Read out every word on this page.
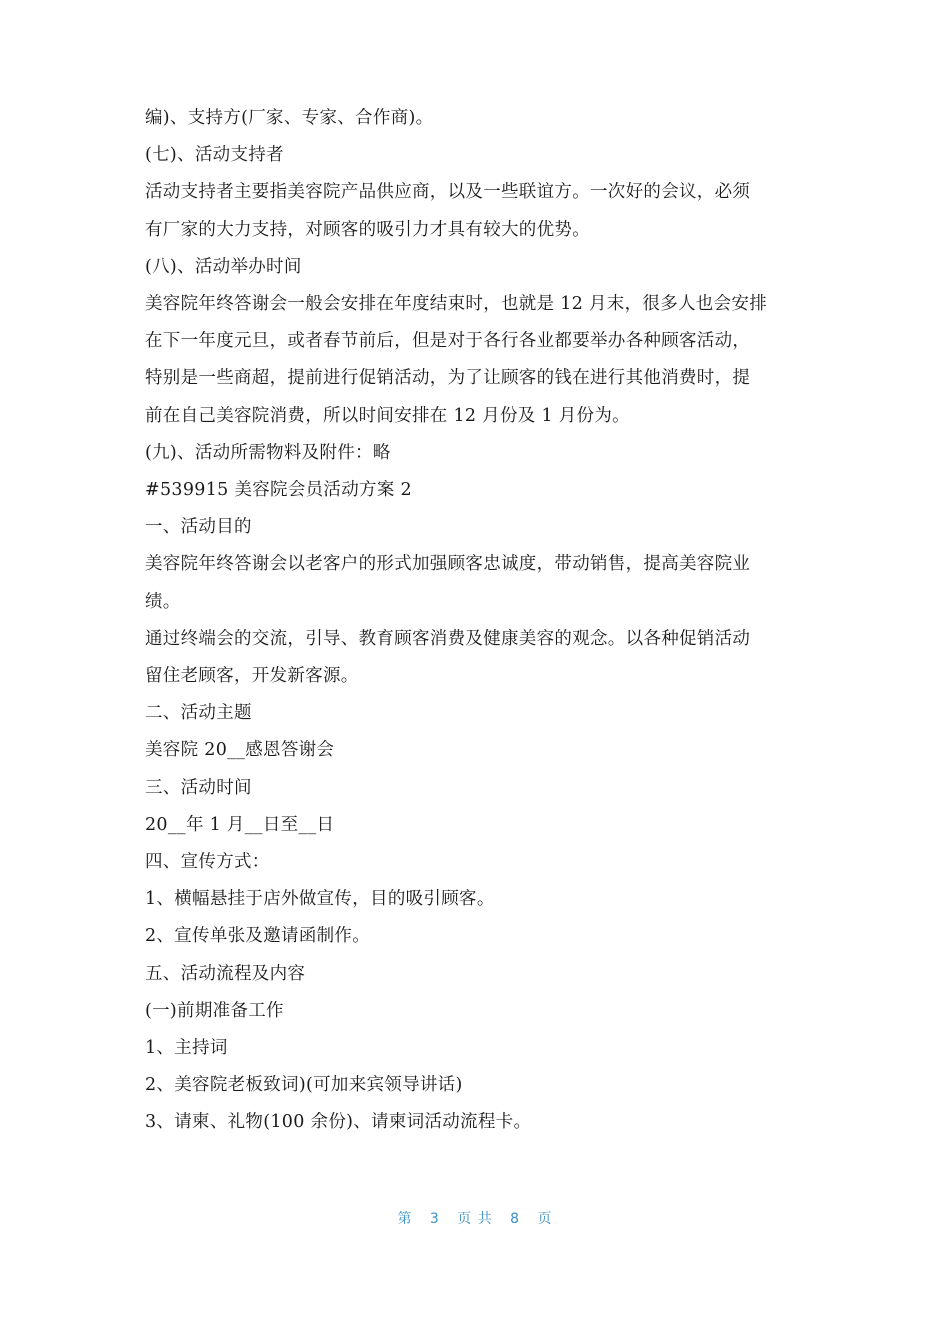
编)、支持方(厂家、专家、合作商)。

(七)、活动支持者

活动支持者主要指美容院产品供应商，以及一些联谊方。一次好的会议，必须

有厂家的大力支持，对顾客的吸引力才具有较大的优势。

(八)、活动举办时间

美容院年终答谢会一般会安排在年度结束时，也就是 12 月末，很多人也会安排

在下一年度元旦，或者春节前后，但是对于各行各业都要举办各种顾客活动，

特别是一些商超，提前进行促销活动，为了让顾客的钱在进行其他消费时，提

前在自己美容院消费，所以时间安排在 12 月份及 1 月份为。

(九)、活动所需物料及附件：略

#539915 美容院会员活动方案 2

一、活动目的

美容院年终答谢会以老客户的形式加强顾客忠诚度，带动销售，提高美容院业

绩。

通过终端会的交流，引导、教育顾客消费及健康美容的观念。以各种促销活动

留住老顾客，开发新客源。

二、活动主题

美容院 20__感恩答谢会

三、活动时间

20__年 1 月__日至__日

四、宣传方式：

1、横幅悬挂于店外做宣传，目的吸引顾客。

2、宣传单张及邀请函制作。

五、活动流程及内容

(一)前期准备工作

1、主持词

2、美容院老板致词)(可加来宾领导讲话)

3、请柬、礼物(100 余份)、请柬词活动流程卡。

第 3 页 共 8 页
